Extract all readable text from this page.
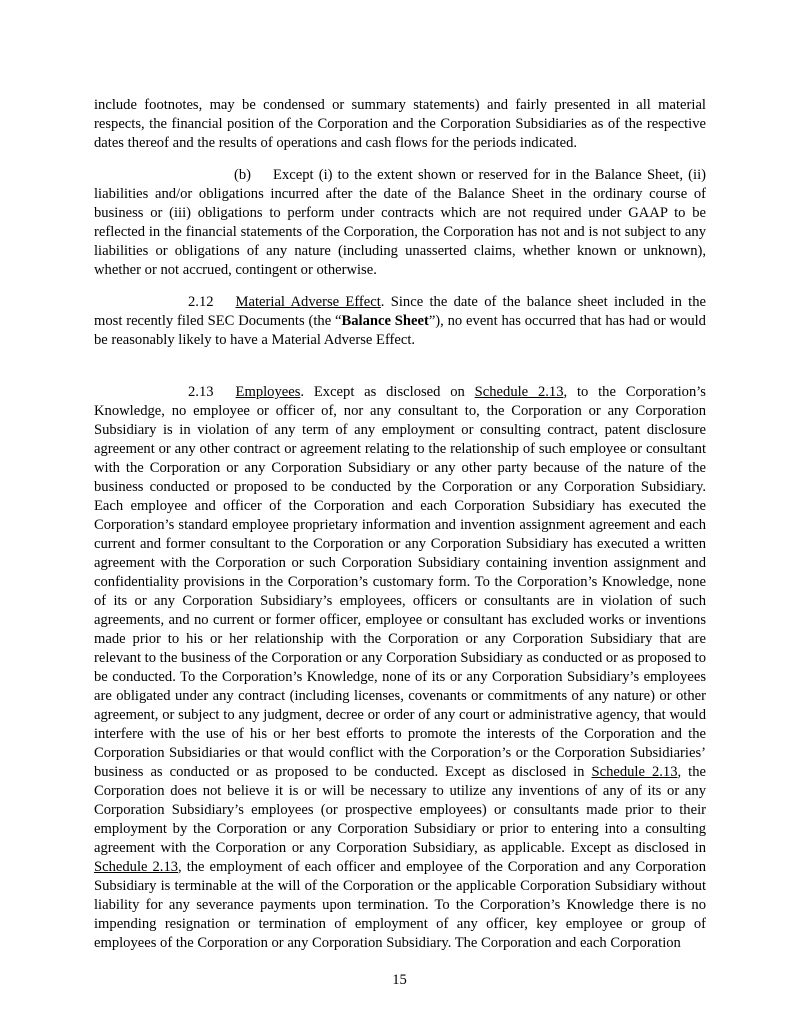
include footnotes, may be condensed or summary statements) and fairly presented in all material respects, the financial position of the Corporation and the Corporation Subsidiaries as of the respective dates thereof and the results of operations and cash flows for the periods indicated.

(b) Except (i) to the extent shown or reserved for in the Balance Sheet, (ii) liabilities and/or obligations incurred after the date of the Balance Sheet in the ordinary course of business or (iii) obligations to perform under contracts which are not required under GAAP to be reflected in the financial statements of the Corporation, the Corporation has not and is not subject to any liabilities or obligations of any nature (including unasserted claims, whether known or unknown), whether or not accrued, contingent or otherwise.

2.12 Material Adverse Effect. Since the date of the balance sheet included in the most recently filed SEC Documents (the “Balance Sheet”), no event has occurred that has had or would be reasonably likely to have a Material Adverse Effect.

2.13 Employees. Except as disclosed on Schedule 2.13, to the Corporation’s Knowledge, no employee or officer of, nor any consultant to, the Corporation or any Corporation Subsidiary is in violation of any term of any employment or consulting contract, patent disclosure agreement or any other contract or agreement relating to the relationship of such employee or consultant with the Corporation or any Corporation Subsidiary or any other party because of the nature of the business conducted or proposed to be conducted by the Corporation or any Corporation Subsidiary. Each employee and officer of the Corporation and each Corporation Subsidiary has executed the Corporation’s standard employee proprietary information and invention assignment agreement and each current and former consultant to the Corporation or any Corporation Subsidiary has executed a written agreement with the Corporation or such Corporation Subsidiary containing invention assignment and confidentiality provisions in the Corporation’s customary form. To the Corporation’s Knowledge, none of its or any Corporation Subsidiary’s employees, officers or consultants are in violation of such agreements, and no current or former officer, employee or consultant has excluded works or inventions made prior to his or her relationship with the Corporation or any Corporation Subsidiary that are relevant to the business of the Corporation or any Corporation Subsidiary as conducted or as proposed to be conducted. To the Corporation’s Knowledge, none of its or any Corporation Subsidiary’s employees are obligated under any contract (including licenses, covenants or commitments of any nature) or other agreement, or subject to any judgment, decree or order of any court or administrative agency, that would interfere with the use of his or her best efforts to promote the interests of the Corporation and the Corporation Subsidiaries or that would conflict with the Corporation’s or the Corporation Subsidiaries’ business as conducted or as proposed to be conducted. Except as disclosed in Schedule 2.13, the Corporation does not believe it is or will be necessary to utilize any inventions of any of its or any Corporation Subsidiary’s employees (or prospective employees) or consultants made prior to their employment by the Corporation or any Corporation Subsidiary or prior to entering into a consulting agreement with the Corporation or any Corporation Subsidiary, as applicable. Except as disclosed in Schedule 2.13, the employment of each officer and employee of the Corporation and any Corporation Subsidiary is terminable at the will of the Corporation or the applicable Corporation Subsidiary without liability for any severance payments upon termination. To the Corporation’s Knowledge there is no impending resignation or termination of employment of any officer, key employee or group of employees of the Corporation or any Corporation Subsidiary. The Corporation and each Corporation

15
